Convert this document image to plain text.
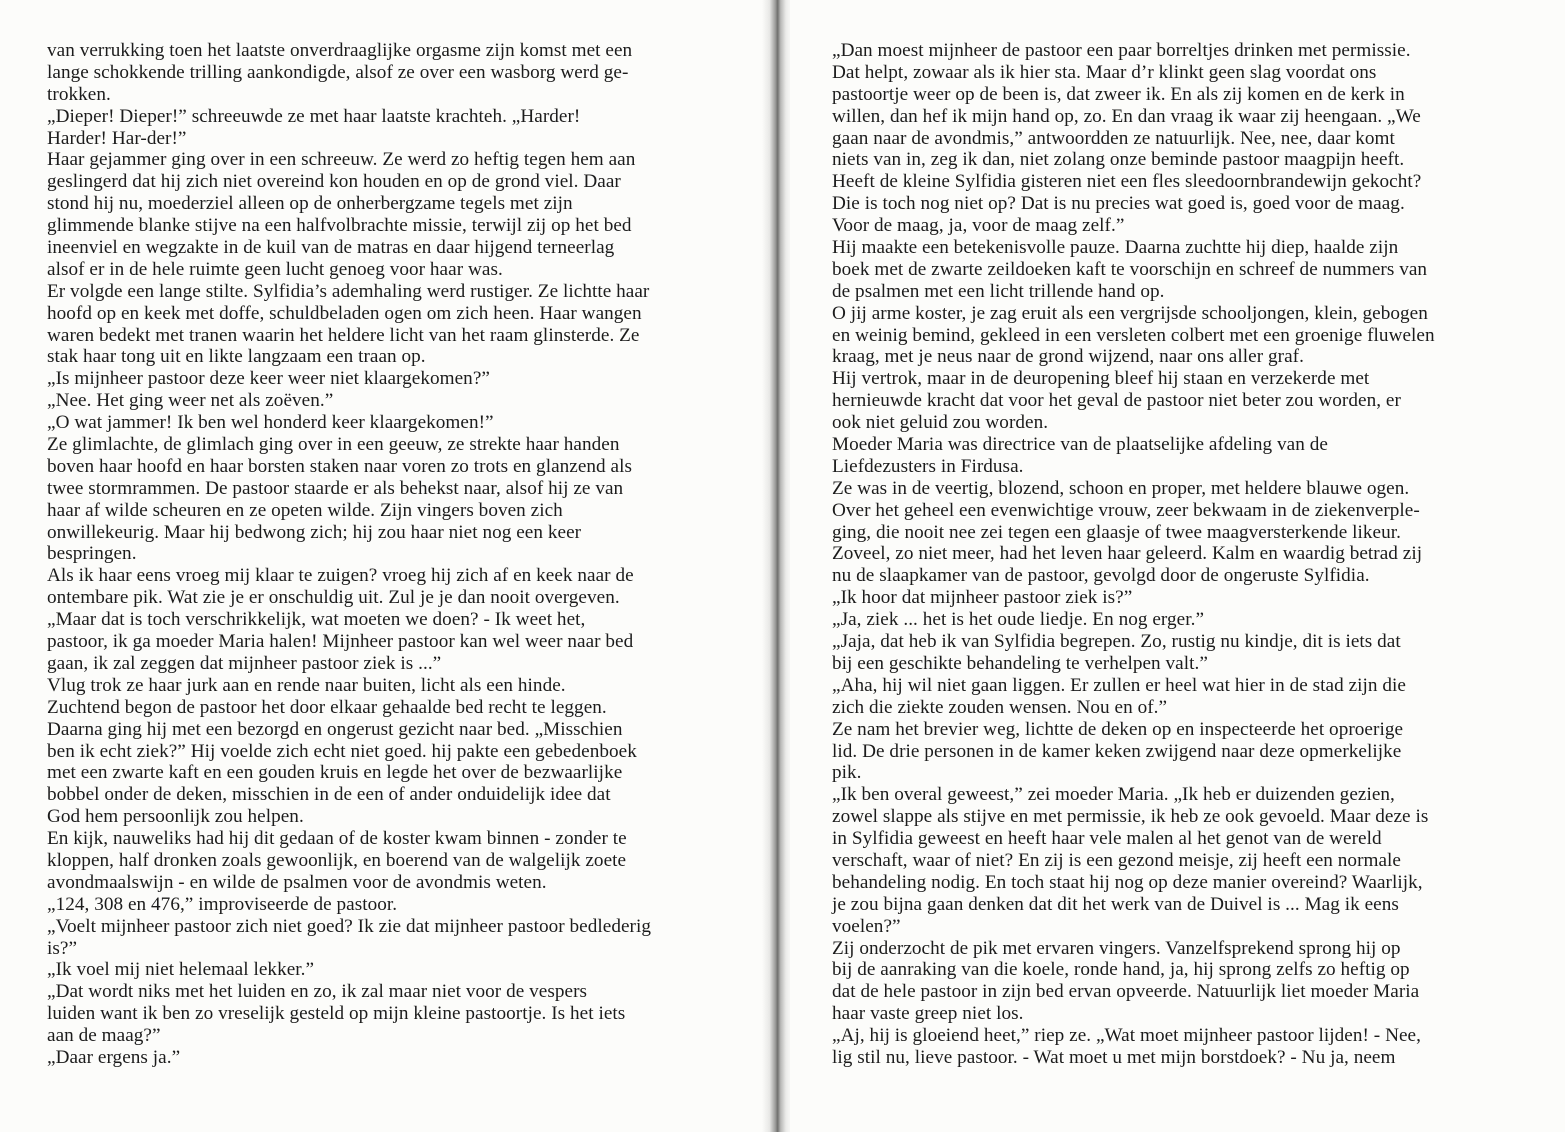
van verrukking toen het laatste onverdraaglijke orgasme zijn komst met een
lange schokkende trilling aankondigde, alsof ze over een wasborg werd ge-
trokken.
„Dieper! Dieper!” schreeuwde ze met haar laatste krachteh. „Harder!
Harder! Har-der!”
Haar gejammer ging over in een schreeuw. Ze werd zo heftig tegen hem aan
geslingerd dat hij zich niet overeind kon houden en op de grond viel. Daar
stond hij nu, moederziel alleen op de onherbergzame tegels met zijn
glimmende blanke stijve na een halfvolbrachte missie, terwijl zij op het bed
ineenviel en wegzakte in de kuil van de matras en daar hijgend terneerlag
alsof er in de hele ruimte geen lucht genoeg voor haar was.
Er volgde een lange stilte. Sylfidia’s ademhaling werd rustiger. Ze lichtte haar
hoofd op en keek met doffe, schuldbeladen ogen om zich heen. Haar wangen
waren bedekt met tranen waarin het heldere licht van het raam glinsterde. Ze
stak haar tong uit en likte langzaam een traan op.
„Is mijnheer pastoor deze keer weer niet klaargekomen?”
„Nee. Het ging weer net als zoëven.”
„O wat jammer! Ik ben wel honderd keer klaargekomen!”
Ze glimlachte, de glimlach ging over in een geeuw, ze strekte haar handen
boven haar hoofd en haar borsten staken naar voren zo trots en glanzend als
twee stormrammen. De pastoor staarde er als behekst naar, alsof hij ze van
haar af wilde scheuren en ze opeten wilde. Zijn vingers boven zich
onwillekeurig. Maar hij bedwong zich; hij zou haar niet nog een keer
bespringen.
Als ik haar eens vroeg mij klaar te zuigen? vroeg hij zich af en keek naar de
ontembare pik. Wat zie je er onschuldig uit. Zul je je dan nooit overgeven.
„Maar dat is toch verschrikkelijk, wat moeten we doen? - Ik weet het,
pastoor, ik ga moeder Maria halen! Mijnheer pastoor kan wel weer naar bed
gaan, ik zal zeggen dat mijnheer pastoor ziek is ...”
Vlug trok ze haar jurk aan en rende naar buiten, licht als een hinde.
Zuchtend begon de pastoor het door elkaar gehaalde bed recht te leggen.
Daarna ging hij met een bezorgd en ongerust gezicht naar bed. „Misschien
ben ik echt ziek?” Hij voelde zich echt niet goed. hij pakte een gebedenboek
met een zwarte kaft en een gouden kruis en legde het over de bezwaarlijke
bobbel onder de deken, misschien in de een of ander onduidelijk idee dat
God hem persoonlijk zou helpen.
En kijk, nauweliks had hij dit gedaan of de koster kwam binnen - zonder te
kloppen, half dronken zoals gewoonlijk, en boerend van de walgelijk zoete
avondmaalswijn - en wilde de psalmen voor de avondmis weten.
„124, 308 en 476,” improviseerde de pastoor.
„Voelt mijnheer pastoor zich niet goed? Ik zie dat mijnheer pastoor bedlederig
is?”
„Ik voel mij niet helemaal lekker.”
„Dat wordt niks met het luiden en zo, ik zal maar niet voor de vespers
luiden want ik ben zo vreselijk gesteld op mijn kleine pastoortje. Is het iets
aan de maag?”
„Daar ergens ja.”
„Dan moest mijnheer de pastoor een paar borreltjes drinken met permissie.
Dat helpt, zowaar als ik hier sta. Maar d’r klinkt geen slag voordat ons
pastoortje weer op de been is, dat zweer ik. En als zij komen en de kerk in
willen, dan hef ik mijn hand op, zo. En dan vraag ik waar zij heengaan. „We
gaan naar de avondmis,” antwoordden ze natuurlijk. Nee, nee, daar komt
niets van in, zeg ik dan, niet zolang onze beminde pastoor maagpijn heeft.
Heeft de kleine Sylfidia gisteren niet een fles sleedoornbrandewijn gekocht?
Die is toch nog niet op? Dat is nu precies wat goed is, goed voor de maag.
Voor de maag, ja, voor de maag zelf.”
Hij maakte een betekenisvolle pauze. Daarna zuchtte hij diep, haalde zijn
boek met de zwarte zeildoeken kaft te voorschijn en schreef de nummers van
de psalmen met een licht trillende hand op.
O jij arme koster, je zag eruit als een vergrijsde schooljongen, klein, gebogen
en weinig bemind, gekleed in een versleten colbert met een groenige fluwelen
kraag, met je neus naar de grond wijzend, naar ons aller graf.
Hij vertrok, maar in de deuropening bleef hij staan en verzekerde met
hernieuwde kracht dat voor het geval de pastoor niet beter zou worden, er
ook niet geluid zou worden.
Moeder Maria was directrice van de plaatselijke afdeling van de
Liefdezusters in Firdusa.
Ze was in de veertig, blozend, schoon en proper, met heldere blauwe ogen.
Over het geheel een evenwichtige vrouw, zeer bekwaam in de ziekenverple-
ging, die nooit nee zei tegen een glaasje of twee maagversterkende likeur.
Zoveel, zo niet meer, had het leven haar geleerd. Kalm en waardig betrad zij
nu de slaapkamer van de pastoor, gevolgd door de ongeruste Sylfidia.
„Ik hoor dat mijnheer pastoor ziek is?”
„Ja, ziek ... het is het oude liedje. En nog erger.”
„Jaja, dat heb ik van Sylfidia begrepen. Zo, rustig nu kindje, dit is iets dat
bij een geschikte behandeling te verhelpen valt.”
„Aha, hij wil niet gaan liggen. Er zullen er heel wat hier in de stad zijn die
zich die ziekte zouden wensen. Nou en of.”
Ze nam het brevier weg, lichtte de deken op en inspecteerde het oproerige
lid. De drie personen in de kamer keken zwijgend naar deze opmerkelijke
pik.
„Ik ben overal geweest,” zei moeder Maria. „Ik heb er duizenden gezien,
zowel slappe als stijve en met permissie, ik heb ze ook gevoeld. Maar deze is
in Sylfidia geweest en heeft haar vele malen al het genot van de wereld
verschaft, waar of niet? En zij is een gezond meisje, zij heeft een normale
behandeling nodig. En toch staat hij nog op deze manier overeind? Waarlijk,
je zou bijna gaan denken dat dit het werk van de Duivel is ... Mag ik eens
voelen?”
Zij onderzocht de pik met ervaren vingers. Vanzelfsprekend sprong hij op
bij de aanraking van die koele, ronde hand, ja, hij sprong zelfs zo heftig op
dat de hele pastoor in zijn bed ervan opveerde. Natuurlijk liet moeder Maria
haar vaste greep niet los.
„Aj, hij is gloeiend heet,” riep ze. „Wat moet mijnheer pastoor lijden! - Nee,
lig stil nu, lieve pastoor. - Wat moet u met mijn borstdoek? - Nu ja, neem
